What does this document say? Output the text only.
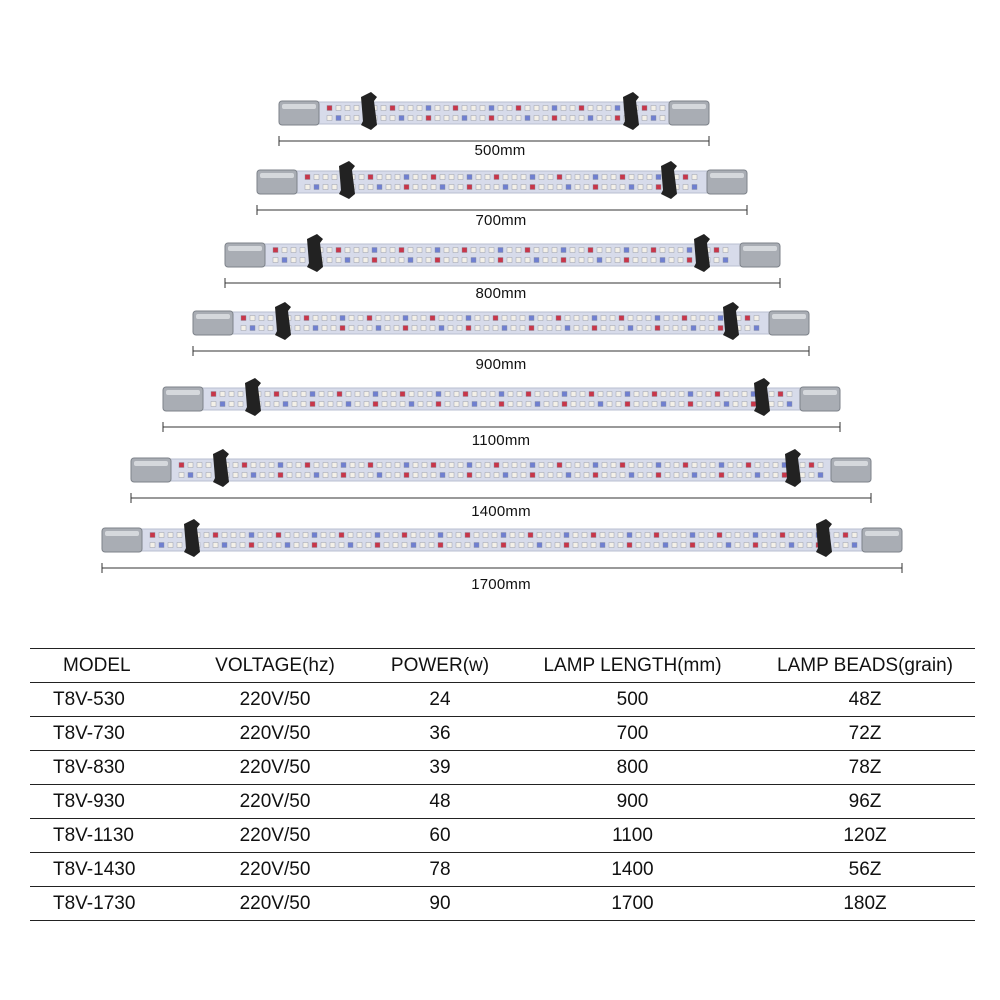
500mm
700mm
800mm
900mm
1100mm
1400mm
1700mm
MODEL	VOLTAGE(hz)	POWER(w)	LAMP LENGTH(mm)	LAMP BEADS(grain)
T8V-530	220V/50	24	500	48Z
T8V-730	220V/50	36	700	72Z
T8V-830	220V/50	39	800	78Z
T8V-930	220V/50	48	900	96Z
T8V-1130	220V/50	60	1100	120Z
T8V-1430	220V/50	78	1400	56Z
T8V-1730	220V/50	90	1700	180Z
